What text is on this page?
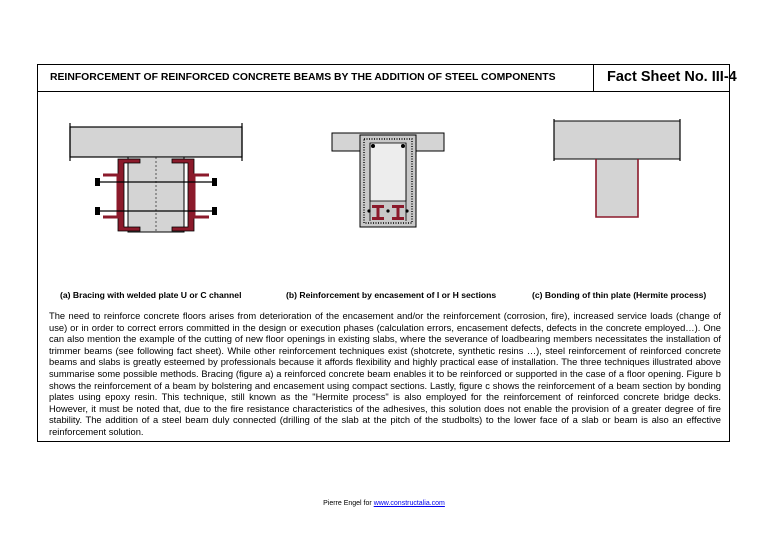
REINFORCEMENT OF REINFORCED CONCRETE BEAMS BY THE ADDITION OF STEEL COMPONENTS	Fact Sheet No. III-4
(a) Bracing with welded plate U or C channel	(b) Reinforcement by encasement of I or H sections	(c) Bonding of thin plate (Hermite process)

The need to reinforce concrete floors arises from deterioration of the encasement and/or the reinforcement (corrosion, fire), increased service loads (change of use) or in order to correct errors committed in the design or execution phases (calculation errors, encasement defects, defects in the concrete employed…). One can also mention the example of the cutting of new floor openings in existing slabs, where the severance of loadbearing members necessitates the installation of trimmer beams (see following fact sheet). While other reinforcement techniques exist (shotcrete, synthetic resins …), steel reinforcement of reinforced concrete beams and slabs is greatly esteemed by professionals because it affords flexibility and highly practical ease of installation. The three techniques illustrated above summarise some possible methods. Bracing (figure a) a reinforced concrete beam enables it to be reinforced or supported in the case of a floor opening. Figure b shows the reinforcement of a beam by bolstering and encasement using compact sections. Lastly, figure c shows the reinforcement of a beam section by bonding plates using epoxy resin. This technique, still known as the "Hermite process" is also employed for the reinforcement of reinforced concrete bridge decks. However, it must be noted that, due to the fire resistance characteristics of the adhesives, this solution does not enable the provision of a greater degree of fire stability. The addition of a steel beam duly connected (drilling of the slab at the pitch of the studbolts) to the lower face of a slab or beam is also an effective reinforcement solution.

Pierre Engel for www.constructalia.com
